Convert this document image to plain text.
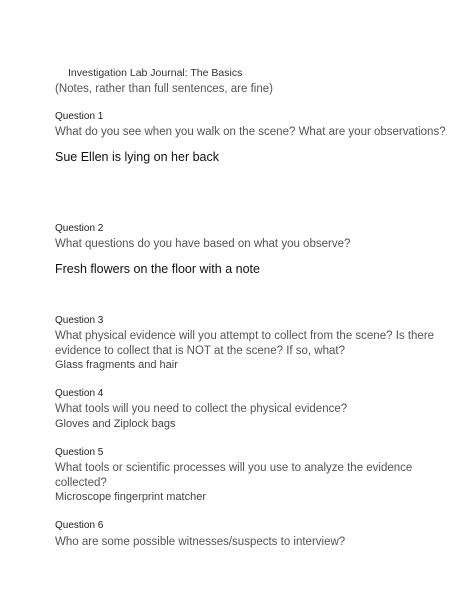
Investigation Lab Journal: The Basics

(Notes, rather than full sentences, are fine)

Question 1

What do you see when you walk on the scene? What are your observations?

Sue Ellen is lying on her back

Question 2

What questions do you have based on what you observe?

Fresh flowers on the floor with a note

Question 3

What physical evidence will you attempt to collect from the scene? Is there

evidence to collect that is NOT at the scene? If so, what?

Glass fragments and hair

Question 4

What tools will you need to collect the physical evidence?

Gloves and Ziplock bags

Question 5

What tools or scientific processes will you use to analyze the evidence

collected?

Microscope fingerprint matcher

Question 6

Who are some possible witnesses/suspects to interview?
